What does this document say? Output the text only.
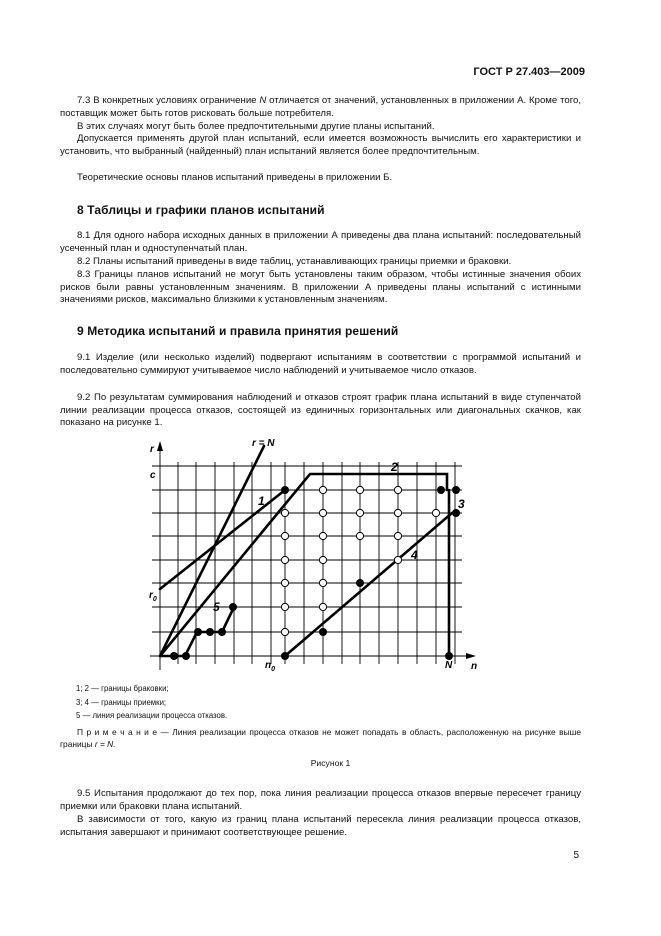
ГОСТ Р 27.403—2009
7.3 В конкретных условиях ограничение N отличается от значений, установленных в приложении А. Кроме того, поставщик может быть готов рисковать больше потребителя.
В этих случаях могут быть более предпочтительными другие планы испытаний.
Допускается применять другой план испытаний, если имеется возможность вычислить его характеристики и установить, что выбранный (найденный) план испытаний является более предпочтительным.
Теоретические основы планов испытаний приведены в приложении Б.
8 Таблицы и графики планов испытаний
8.1 Для одного набора исходных данных в приложении А приведены два плана испытаний: последовательный усеченный план и одноступенчатый план.
8.2 Планы испытаний приведены в виде таблиц, устанавливающих границы приемки и браковки.
8.3 Границы планов испытаний не могут быть установлены таким образом, чтобы истинные значения обоих рисков были равны установленным значениям. В приложении А приведены планы испытаний с истинными значениями рисков, максимально близкими к установленным значениям.
9 Методика испытаний и правила принятия решений
9.1 Изделие (или несколько изделий) подвергают испытаниям в соответствии с программой испытаний и последовательно суммируют учитываемое число наблюдений и учитываемое число отказов.
9.2 По результатам суммирования наблюдений и отказов строят график плана испытаний в виде ступенчатой линии реализации процесса отказов, состоящей из единичных горизонтальных или диагональных скачков, как показано на рисунке 1.
r = N
r
n
c
$r_0$
$n_0$	N
1
2
3
4
5
1; 2 — границы браковки;
3; 4 — границы приемки;
5 — линия реализации процесса отказов.
П р и м е ч а н и е — Линия реализации процесса отказов не может попадать в область, расположенную на рисунке выше границы r = N.
Рисунок 1
9.5 Испытания продолжают до тех пор, пока линия реализации процесса отказов впервые пересечет границу приемки или браковки плана испытаний.
В зависимости от того, какую из границ плана испытаний пересекла линия реализации процесса отказов, испытания завершают и принимают соответствующее решение.
5
